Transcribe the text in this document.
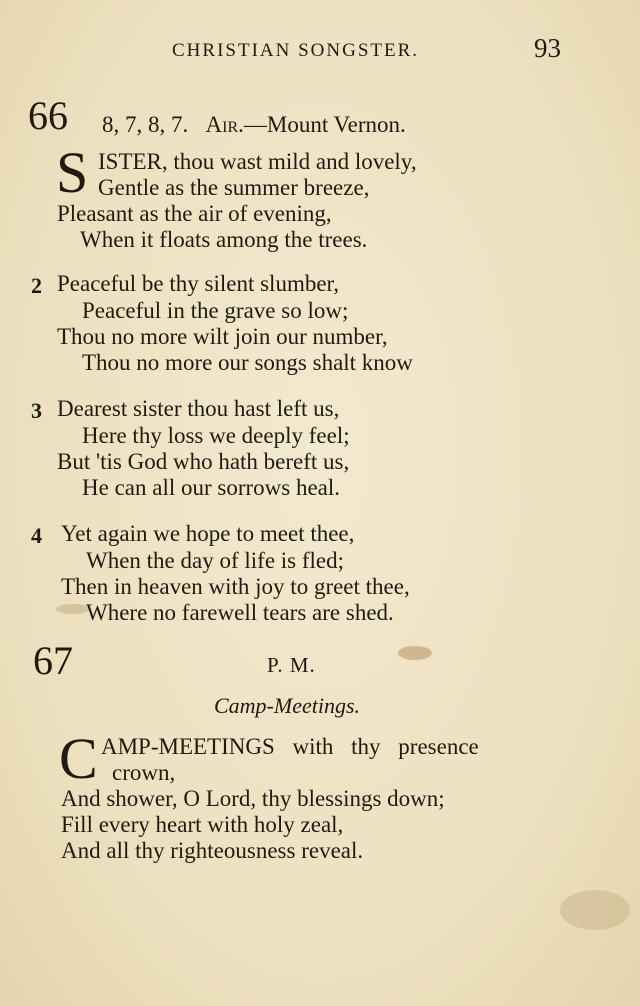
CHRISTIAN SONGSTER.	93
66 8, 7, 8, 7. Air.—Mount Vernon.
S ISTER, thou wast mild and lovely,
Gentle as the summer breeze,
Pleasant as the air of evening,
When it floats among the trees.
2 Peaceful be thy silent slumber,
Peaceful in the grave so low;
Thou no more wilt join our number,
Thou no more our songs shalt know
3 Dearest sister thou hast left us,
Here thy loss we deeply feel;
But 'tis God who hath bereft us,
He can all our sorrows heal.
4 Yet again we hope to meet thee,
When the day of life is fled;
Then in heaven with joy to greet thee,
Where no farewell tears are shed.
67	P. M.
Camp-Meetings.
C AMP-MEETINGS with thy presence
crown,
And shower, O Lord, thy blessings down;
Fill every heart with holy zeal,
And all thy righteousness reveal.
